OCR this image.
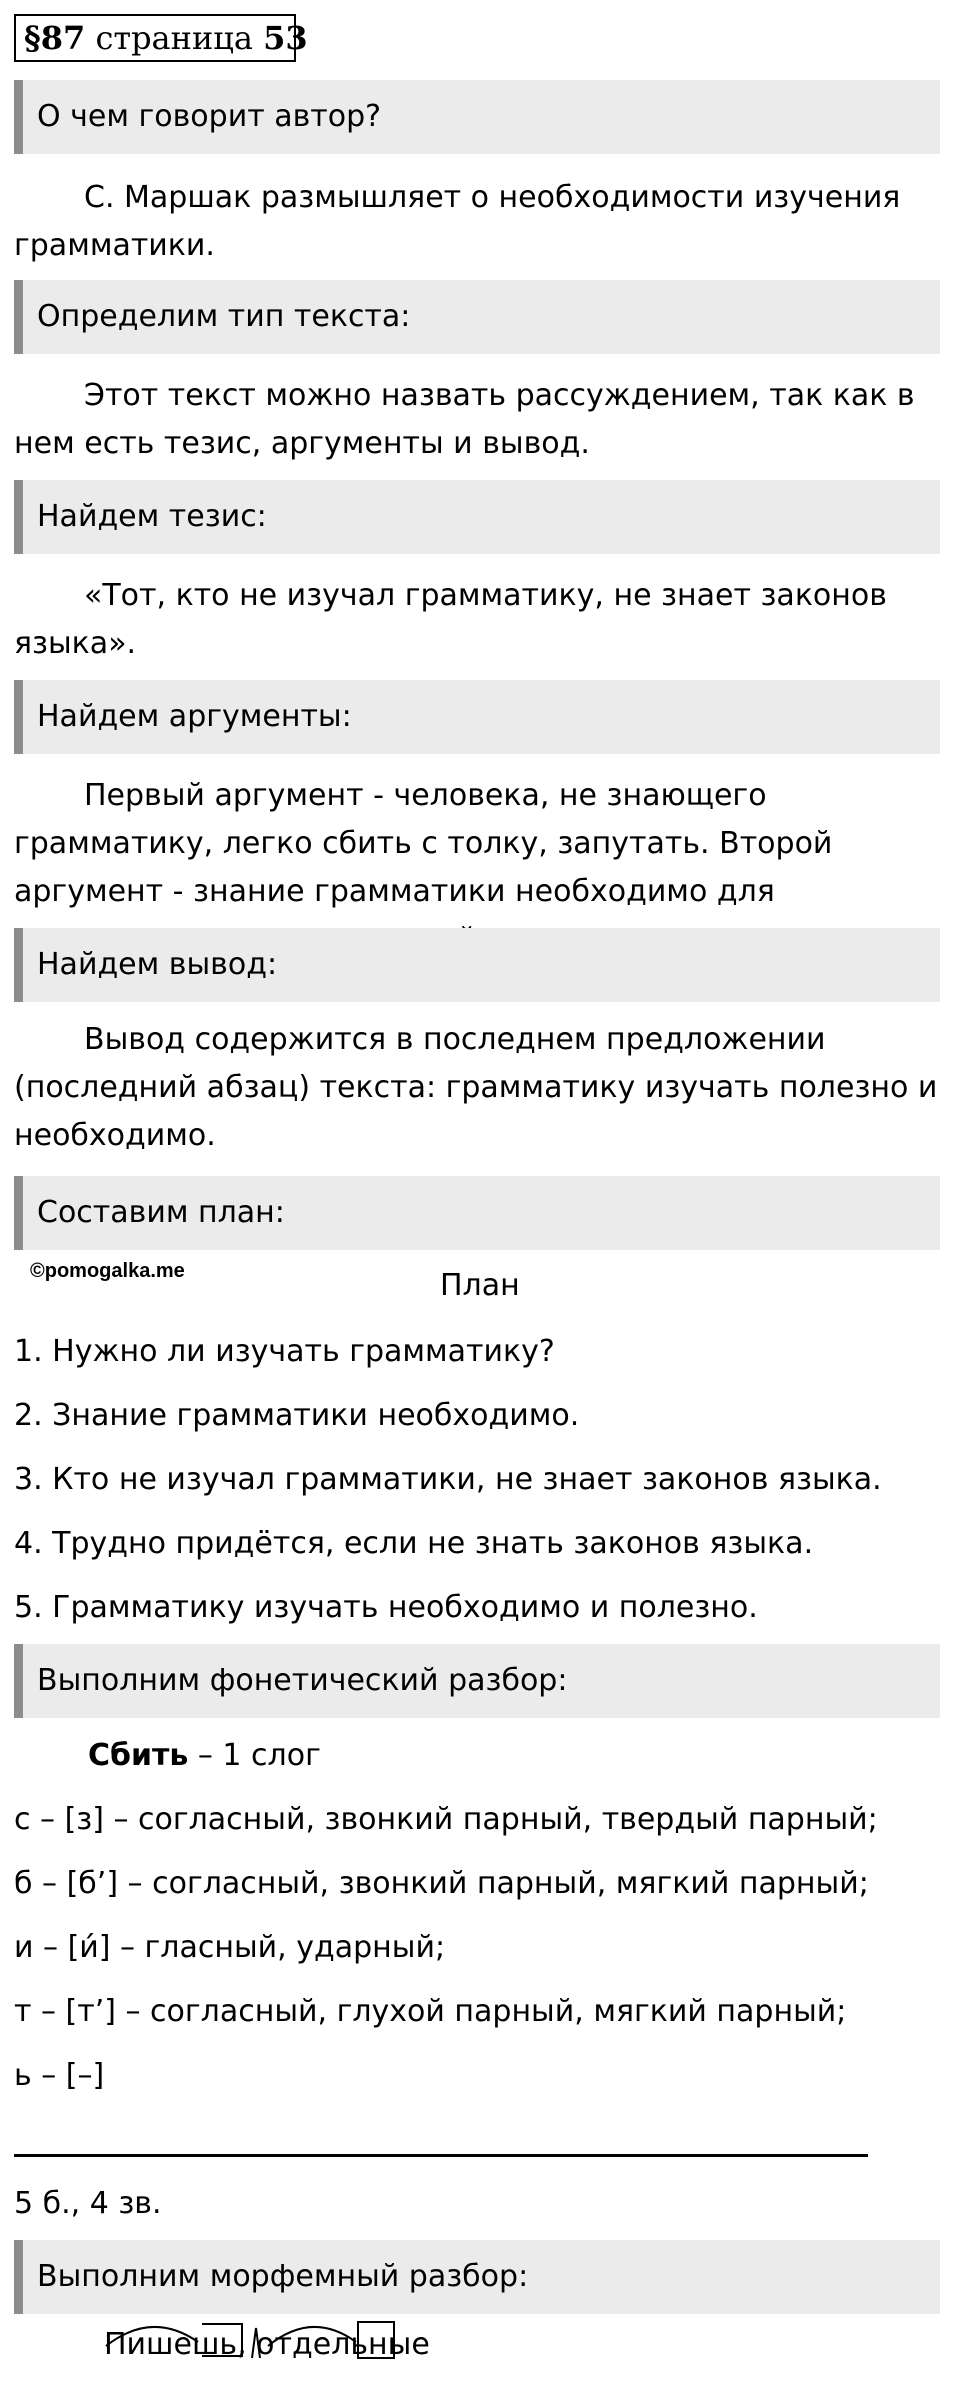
§87 страница 53
О чем говорит автор?
С. Маршак размышляет о необходимости изучения грамматики.
Определим тип текста:
Этот текст можно назвать рассуждением, так как в нем есть тезис, аргументы и вывод.
Найдем тезис:
«Тот, кто не изучал грамматику, не знает законов языка».
Найдем аргументы:
Первый аргумент - человека, не знающего грамматику, легко сбить с толку, запутать. Второй аргумент - знание грамматики необходимо для
Найдем вывод:
Вывод содержится в последнем предложении (последний абзац) текста: грамматику изучать полезно и необходимо.
Составим план:
©pomogalka.me	План
1. Нужно ли изучать грамматику?
2. Знание грамматики необходимо.
3. Кто не изучал грамматики, не знает законов языка.
4. Трудно придётся, если не знать законов языка.
5. Грамматику изучать необходимо и полезно.
Выполним фонетический разбор:
Сбить – 1 слог
с – [з] – согласный, звонкий парный, твердый парный;
б – [б’] – согласный, звонкий парный, мягкий парный;
и – [и́] – гласный, ударный;
т – [т’] – согласный, глухой парный, мягкий парный;
ь – [–]
5 б., 4 зв.
Выполним морфемный разбор:
Пишешь, отдельные
